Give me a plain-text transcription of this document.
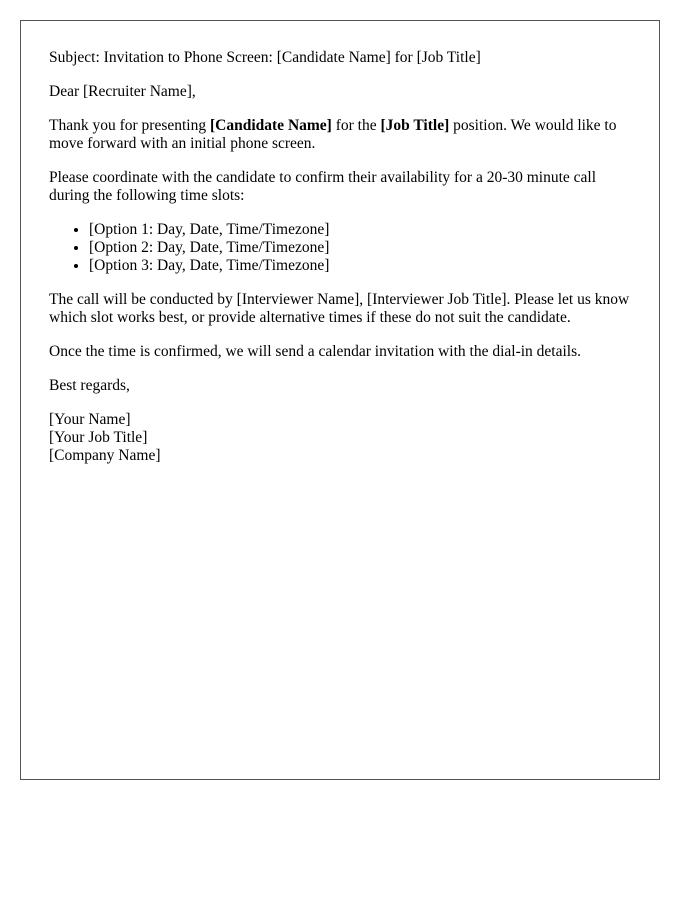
Subject: Invitation to Phone Screen: [Candidate Name] for [Job Title]

Dear [Recruiter Name],

Thank you for presenting [Candidate Name] for the [Job Title] position. We would like to move forward with an initial phone screen.

Please coordinate with the candidate to confirm their availability for a 20-30 minute call during the following time slots:

• [Option 1: Day, Date, Time/Timezone]
• [Option 2: Day, Date, Time/Timezone]
• [Option 3: Day, Date, Time/Timezone]

The call will be conducted by [Interviewer Name], [Interviewer Job Title]. Please let us know which slot works best, or provide alternative times if these do not suit the candidate.

Once the time is confirmed, we will send a calendar invitation with the dial-in details.

Best regards,

[Your Name]
[Your Job Title]
[Company Name]
